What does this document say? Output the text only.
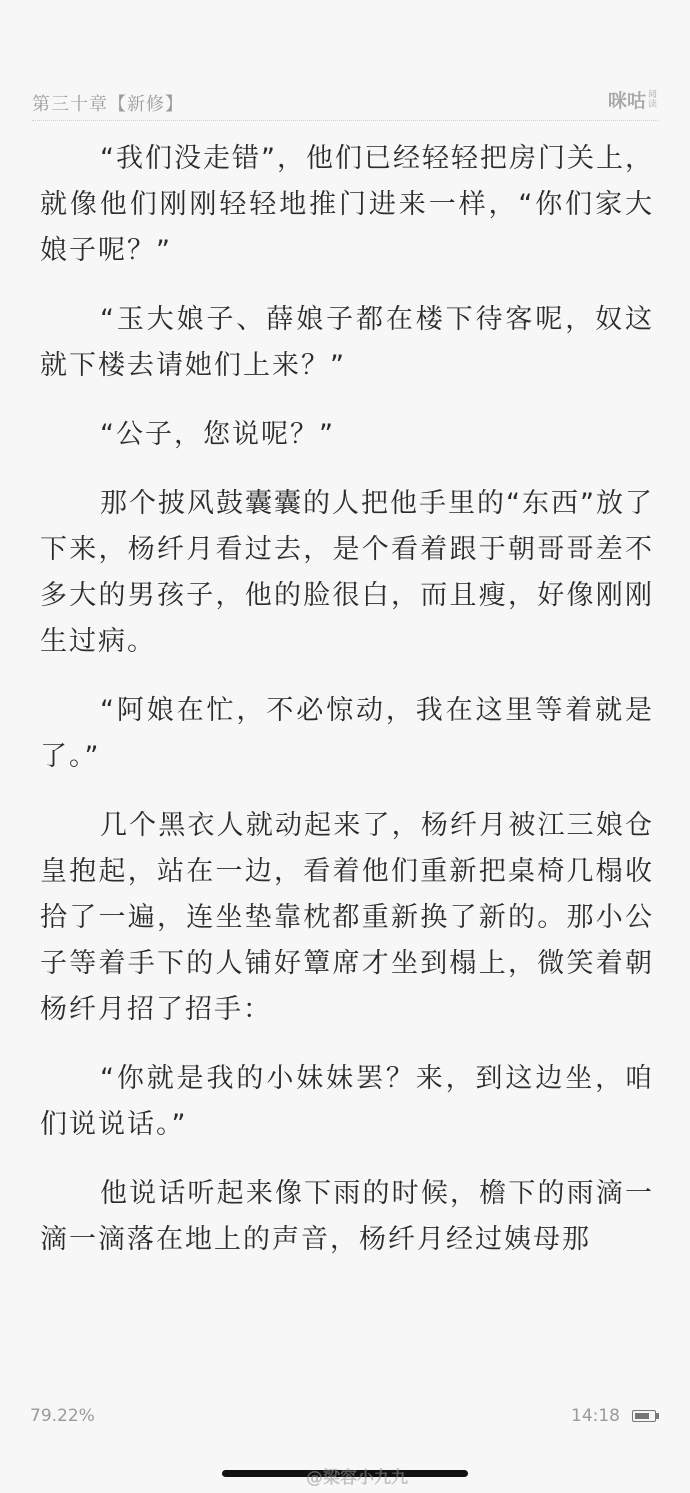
第三十章【新修】	咪咕 阅读

“我们没走错”，他们已经轻轻把房门关上，就像他们刚刚轻轻地推门进来一样，“你们家大娘子呢？”

“玉大娘子、薛娘子都在楼下待客呢，奴这就下楼去请她们上来？”

“公子，您说呢？”

那个披风鼓囊囊的人把他手里的“东西”放了下来，杨纤月看过去，是个看着跟于朝哥哥差不多大的男孩子，他的脸很白，而且瘦，好像刚刚生过病。

“阿娘在忙，不必惊动，我在这里等着就是了。”

几个黑衣人就动起来了，杨纤月被江三娘仓皇抱起，站在一边，看着他们重新把桌椅几榻收拾了一遍，连坐垫靠枕都重新换了新的。那小公子等着手下的人铺好簟席才坐到榻上，微笑着朝杨纤月招了招手：

“你就是我的小妹妹罢？来，到这边坐，咱们说说话。”

他说话听起来像下雨的时候，檐下的雨滴一滴一滴落在地上的声音，杨纤月经过姨母那

79.22%	14:18
@梁容小九九
